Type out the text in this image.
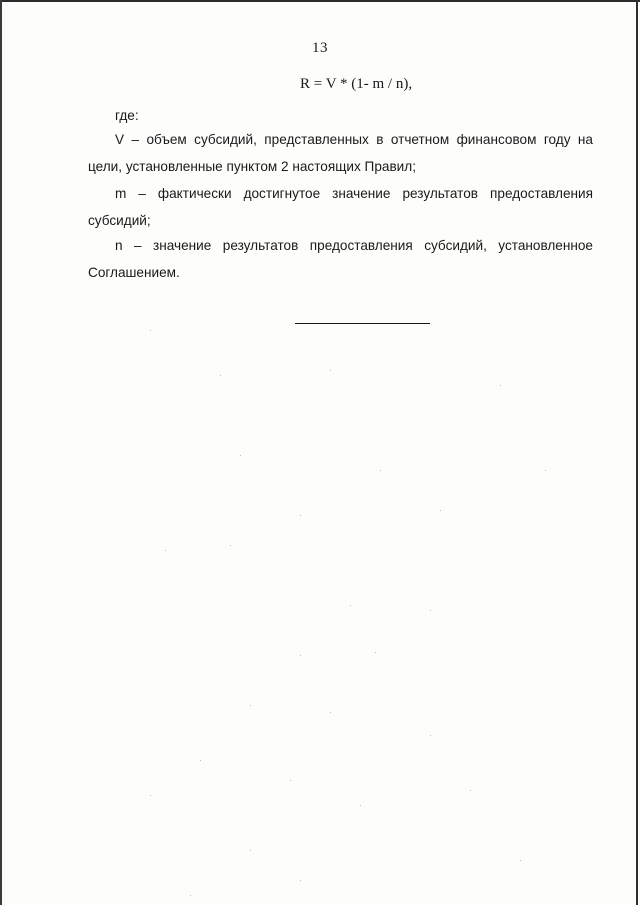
13
R = V * (1- m / n),
где:

V – объем субсидий, представленных в отчетном финансовом году на цели, установленные пунктом 2 настоящих Правил;

m – фактически достигнутое значение результатов предоставления субсидий;

n – значение результатов предоставления субсидий, установленное Соглашением.
